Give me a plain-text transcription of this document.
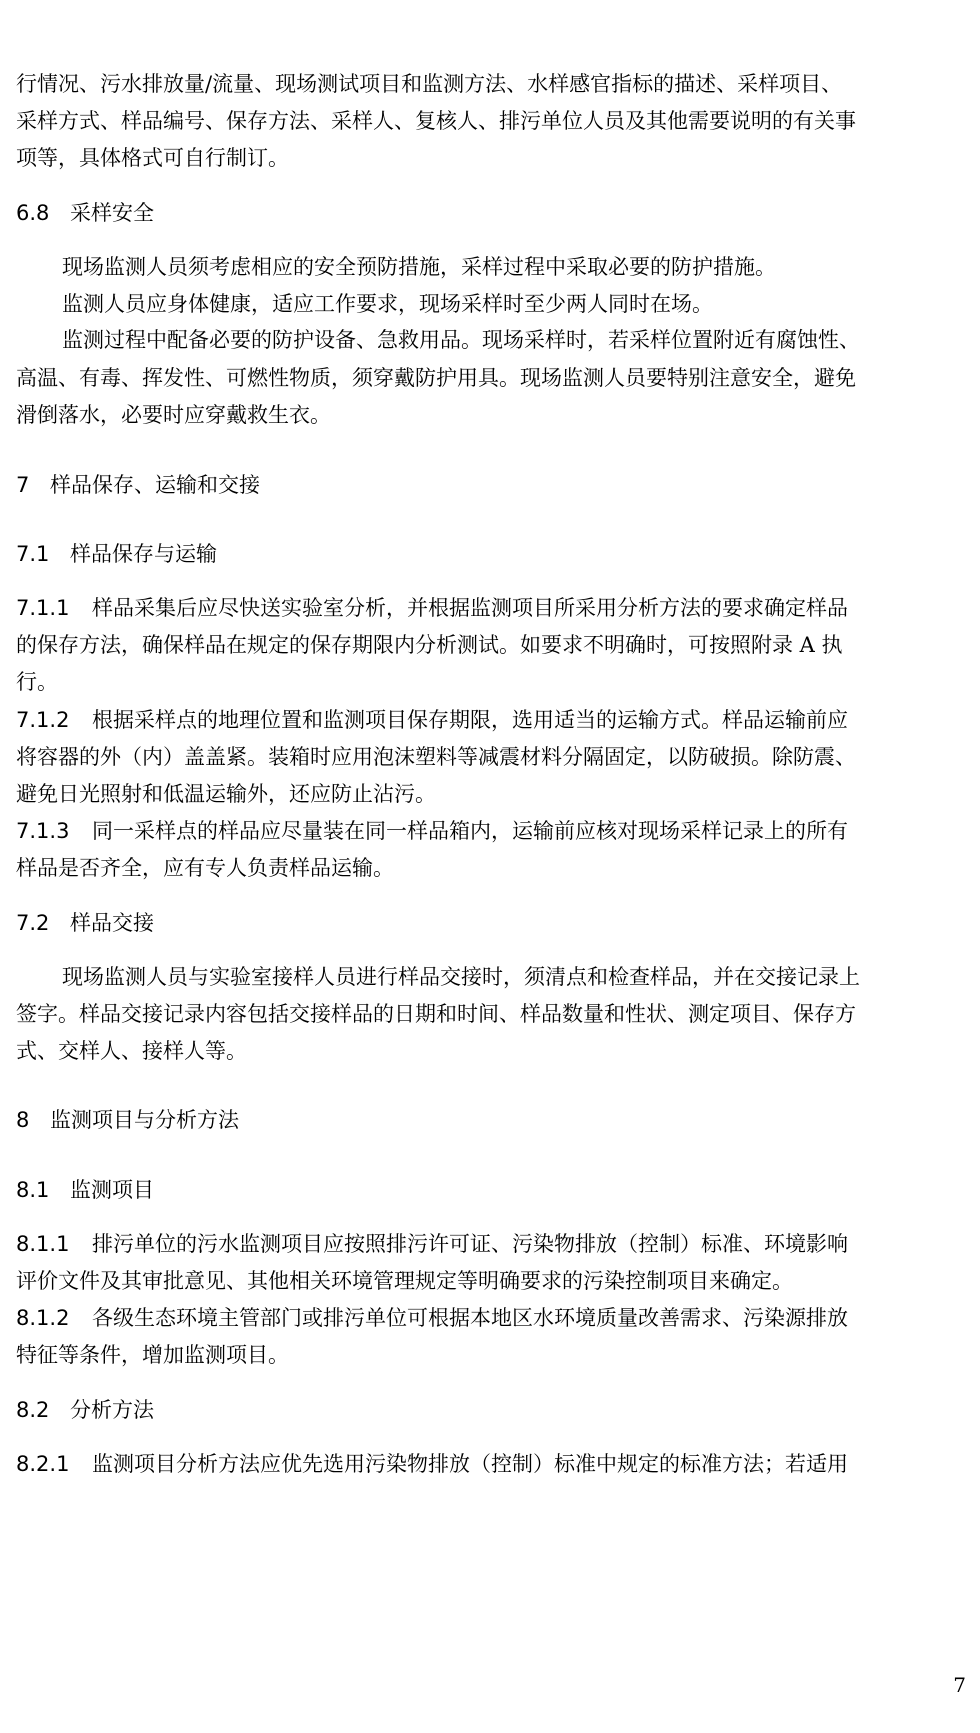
行情况、污水排放量/流量、现场测试项目和监测方法、水样感官指标的描述、采样项目、

采样方式、样品编号、保存方法、采样人、复核人、排污单位人员及其他需要说明的有关事

项等，具体格式可自行制订。

6.8 采样安全

现场监测人员须考虑相应的安全预防措施，采样过程中采取必要的防护措施。

监测人员应身体健康，适应工作要求，现场采样时至少两人同时在场。

监测过程中配备必要的防护设备、急救用品。现场采样时，若采样位置附近有腐蚀性、

高温、有毒、挥发性、可燃性物质，须穿戴防护用具。现场监测人员要特别注意安全，避免

滑倒落水，必要时应穿戴救生衣。

7 样品保存、运输和交接

7.1 样品保存与运输

7.1.1 样品采集后应尽快送实验室分析，并根据监测项目所采用分析方法的要求确定样品

的保存方法，确保样品在规定的保存期限内分析测试。如要求不明确时，可按照附录 A 执

行。

7.1.2 根据采样点的地理位置和监测项目保存期限，选用适当的运输方式。样品运输前应

将容器的外（内）盖盖紧。装箱时应用泡沫塑料等减震材料分隔固定，以防破损。除防震、

避免日光照射和低温运输外，还应防止沾污。

7.1.3 同一采样点的样品应尽量装在同一样品箱内，运输前应核对现场采样记录上的所有

样品是否齐全，应有专人负责样品运输。

7.2 样品交接

现场监测人员与实验室接样人员进行样品交接时，须清点和检查样品，并在交接记录上

签字。样品交接记录内容包括交接样品的日期和时间、样品数量和性状、测定项目、保存方

式、交样人、接样人等。

8 监测项目与分析方法

8.1 监测项目

8.1.1 排污单位的污水监测项目应按照排污许可证、污染物排放（控制）标准、环境影响

评价文件及其审批意见、其他相关环境管理规定等明确要求的污染控制项目来确定。

8.1.2 各级生态环境主管部门或排污单位可根据本地区水环境质量改善需求、污染源排放

特征等条件，增加监测项目。

8.2 分析方法

8.2.1 监测项目分析方法应优先选用污染物排放（控制）标准中规定的标准方法；若适用

7
